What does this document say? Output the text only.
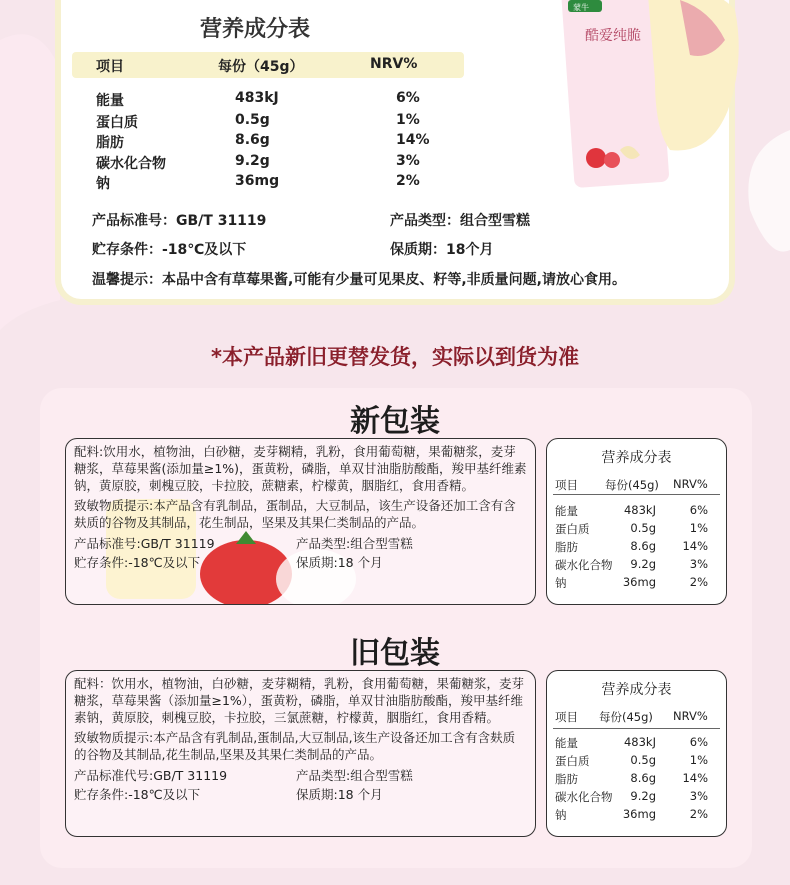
营养成分表
项目	每份（45g）	NRV%
能量	483kJ	6%
蛋白质	0.5g	1%
脂肪	8.6g	14%
碳水化合物	9.2g	3%
钠	36mg	2%
产品标准号：GB/T 31119	产品类型：组合型雪糕
贮存条件：-18℃及以下	保质期：18个月
温馨提示：本品中含有草莓果酱,可能有少量可见果皮、籽等,非质量问题,请放心食用。
酷爱纯脆
蒙牛
*本产品新旧更替发货，实际以到货为准
新包装
配料:饮用水，植物油，白砂糖，麦芽糊精，乳粉，食用葡萄糖，果葡糖浆，麦芽糖浆，草莓果酱(添加量≥1%)，蛋黄粉，磷脂，单双甘油脂肪酸酯，羧甲基纤维素钠，黄原胶，刺槐豆胶，卡拉胶，蔗糖素，柠檬黄，胭脂红，食用香精。
致敏物质提示:本产品含有乳制品，蛋制品，大豆制品，该生产设备还加工含有含麸质的谷物及其制品，花生制品，坚果及其果仁类制品的产品。
产品标准号:GB/T 31119	产品类型:组合型雪糕
贮存条件:-18℃及以下	保质期:18 个月
营养成分表
项目 每份(45g) NRV%
能量	483kJ	6%
蛋白质	0.5g	1%
脂肪	8.6g 14%
碳水化合物 9.2g	3%
钠	36mg	2%
旧包装
配料：饮用水，植物油，白砂糖，麦芽糊精，乳粉，食用葡萄糖，果葡糖浆，麦芽糖浆，草莓果酱（添加量≥1%），蛋黄粉，磷脂，单双甘油脂肪酸酯，羧甲基纤维素钠，黄原胶，刺槐豆胶，卡拉胶，三氯蔗糖，柠檬黄，胭脂红，食用香精。
致敏物质提示:本产品含有乳制品,蛋制品,大豆制品,该生产设备还加工含有含麸质的谷物及其制品,花生制品,坚果及其果仁类制品的产品。
产品标准代号:GB/T 31119	产品类型:组合型雪糕
贮存条件:-18℃及以下	保质期:18 个月
营养成分表
项目 每份(45g) NRV%
能量	483kJ	6%
蛋白质	0.5g	1%
脂肪	8.6g 14%
碳水化合物 9.2g	3%
钠	36mg	2%
